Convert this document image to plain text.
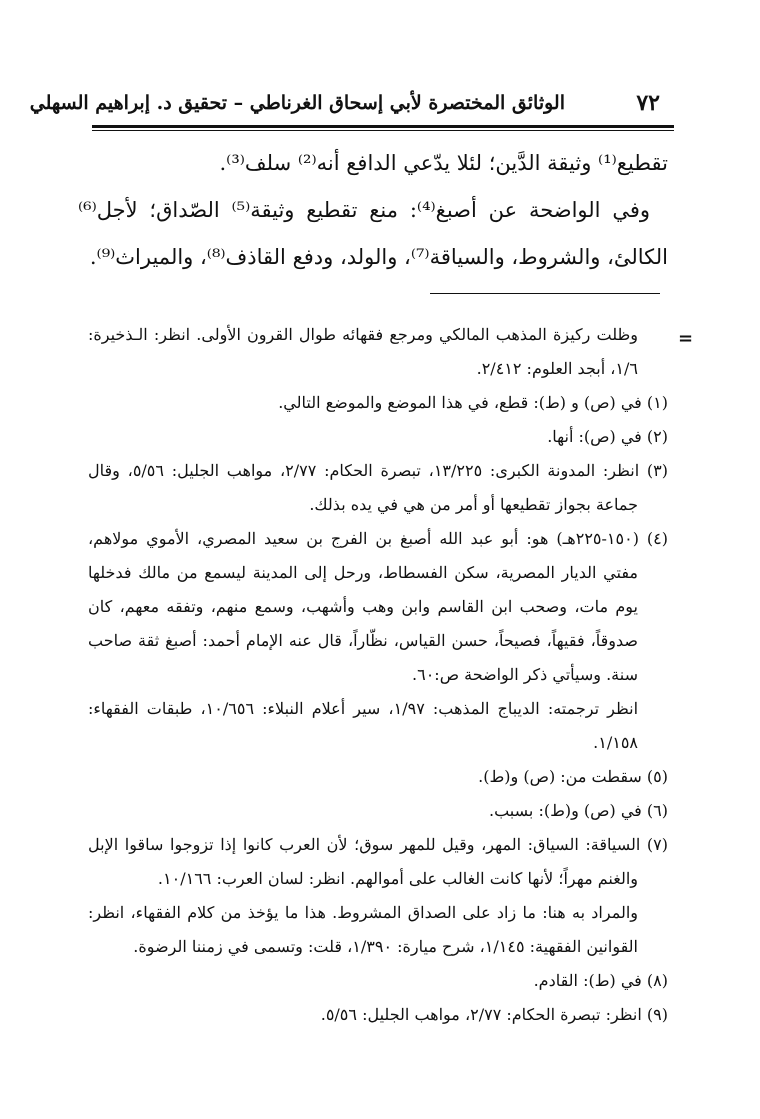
٧٢
الوثائق المختصرة لأبي إسحاق الغرناطي – تحقيق د. إبراهيم السهلي

تقطيع⁽¹⁾ وثيقة الدَّين؛ لئلا يدّعي الدافع أنه⁽²⁾ سلف⁽³⁾.

وفي الواضحة عن أصبغ⁽⁴⁾: منع تقطيع وثيقة⁽⁵⁾ الصّداق؛ لأجل⁽⁶⁾ الكالئ، والشروط، والسياقة⁽⁷⁾، والولد، ودفع القاذف⁽⁸⁾، والميراث⁽⁹⁾.

=

وظلت ركيزة المذهب المالكي ومرجع فقهائه طوال القرون الأولى. انظر: الـذخيرة: ١/٦، أبجد العلوم: ٢/٤١٢.

(١) في (ص) و (ط): قطع، في هذا الموضع والموضع التالي.

(٢) في (ص): أنها.

(٣) انظر: المدونة الكبرى: ١٣/٢٢٥، تبصرة الحكام: ٢/٧٧، مواهب الجليل: ٥/٥٦، وقال جماعة بجواز تقطيعها أو أمر من هي في يده بذلك.

(٤) (١٥٠-٢٢٥هـ) هو: أبو عبد الله أصبغ بن الفرج بن سعيد المصري، الأموي مولاهم، مفتي الديار المصرية، سكن الفسطاط، ورحل إلى المدينة ليسمع من مالك فدخلها يوم مات، وصحب ابن القاسم وابن وهب وأشهب، وسمع منهم، وتفقه معهم، كان صدوقاً، فقيهاً، فصيحاً، حسن القياس، نظّاراً، قال عنه الإمام أحمد: أصبغ ثقة صاحب سنة. وسيأتي ذكر الواضحة ص:٦٠.

انظر ترجمته: الديباج المذهب: ١/٩٧، سير أعلام النبلاء: ١٠/٦٥٦، طبقات الفقهاء: ١/١٥٨.

(٥) سقطت من: (ص) و(ط).

(٦) في (ص) و(ط): بسبب.

(٧) السياقة: السياق: المهر، وقيل للمهر سوق؛ لأن العرب كانوا إذا تزوجوا ساقوا الإبل والغنم مهراً؛ لأنها كانت الغالب على أموالهم. انظر: لسان العرب: ١٠/١٦٦.

والمراد به هنا: ما زاد على الصداق المشروط. هذا ما يؤخذ من كلام الفقهاء، انظر: القوانين الفقهية: ١/١٤٥، شرح ميارة: ١/٣٩٠، قلت: وتسمى في زمننا الرضوة.

(٨) في (ط): القادم.

(٩) انظر: تبصرة الحكام: ٢/٧٧، مواهب الجليل: ٥/٥٦.
